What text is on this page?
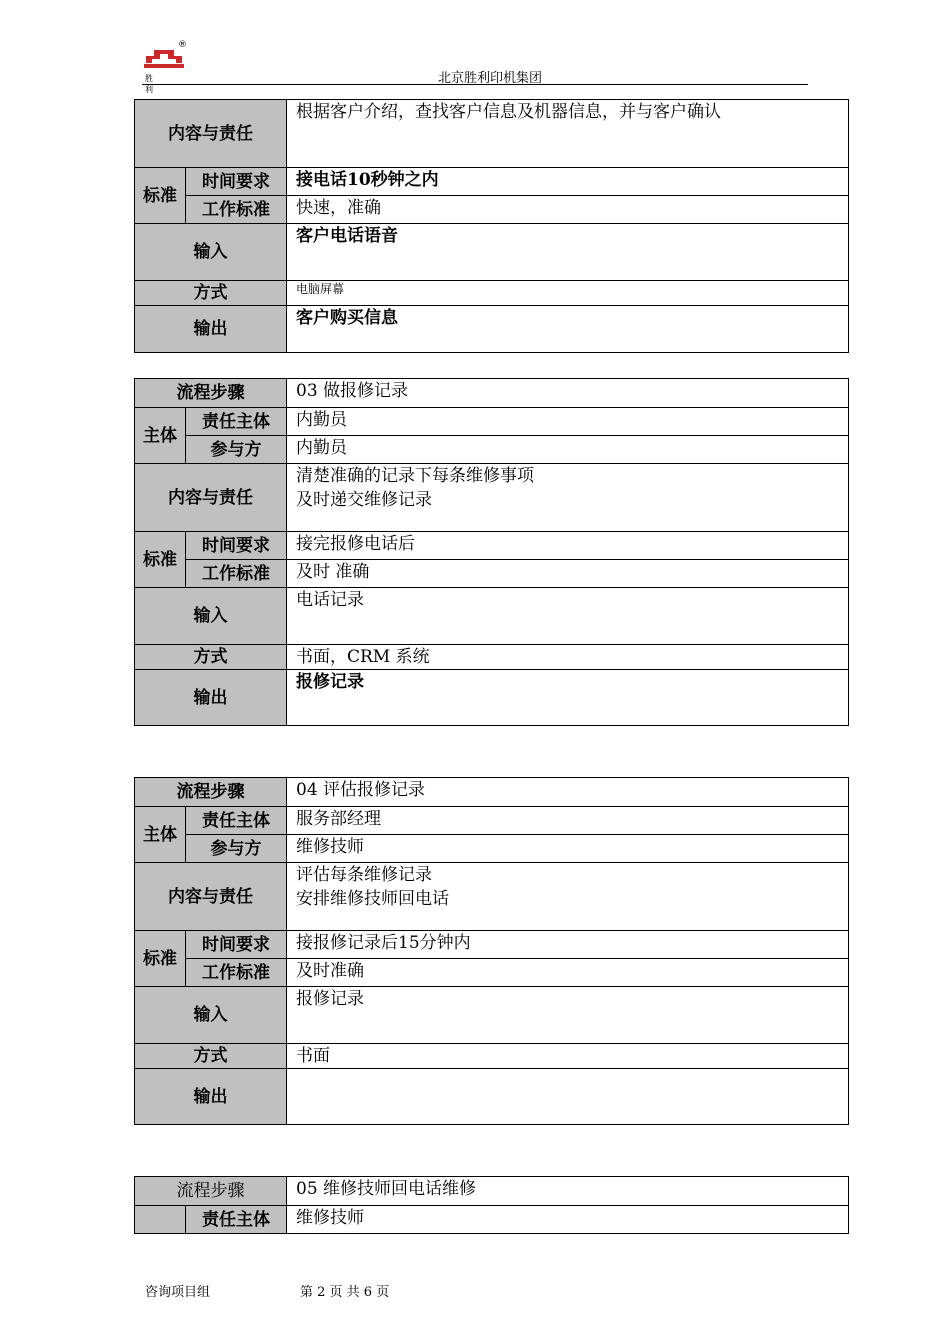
®
胜 利
北京胜利印机集团
内容与责任		根据客户介绍，查找客户信息及机器信息，并与客户确认
标准	时间要求	接电话10秒钟之内
	工作标准	快速，准确
输入		客户电话语音
方式		电脑屏幕
输出		客户购买信息
流程步骤		03 做报修记录
主体	责任主体	内勤员
	参与方	内勤员
内容与责任		清楚准确的记录下每条维修事项
及时递交维修记录

标准	时间要求	接完报修电话后
	工作标准	及时 准确
输入		电话记录
方式		书面，CRM 系统
输出		报修记录
流程步骤		04 评估报修记录
主体	责任主体	服务部经理
	参与方	维修技师
内容与责任		评估每条维修记录
安排维修技师回电话

标准	时间要求	接报修记录后15分钟内
	工作标准	及时准确
输入		报修记录
方式		书面
输出		
流程步骤		05 维修技师回电话维修
	责任主体	维修技师
咨询项目组	第 2 页 共 6 页
